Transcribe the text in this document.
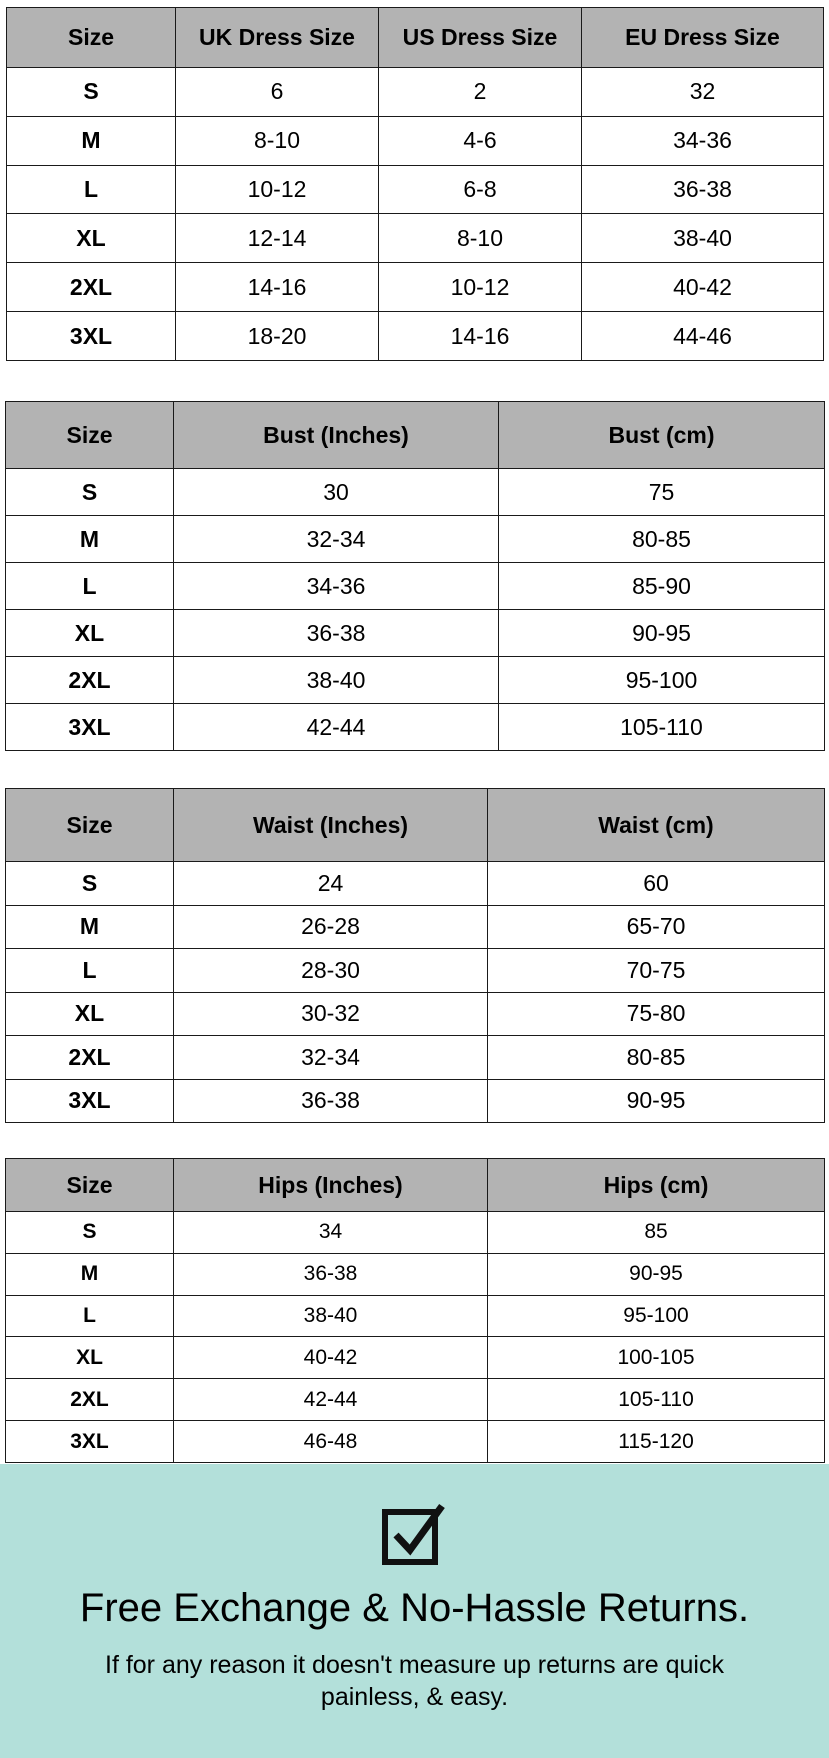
Size	UK Dress Size	US Dress Size	EU Dress Size
S	6	2	32
M	8-10	4-6	34-36
L	10-12	6-8	36-38
XL	12-14	8-10	38-40
2XL	14-16	10-12	40-42
3XL	18-20	14-16	44-46
Size	Bust (Inches)	Bust (cm)
S	30	75
M	32-34	80-85
L	34-36	85-90
XL	36-38	90-95
2XL	38-40	95-100
3XL	42-44	105-110
Size	Waist (Inches)	Waist (cm)
S	24	60
M	26-28	65-70
L	28-30	70-75
XL	30-32	75-80
2XL	32-34	80-85
3XL	36-38	90-95
Size	Hips (Inches)	Hips (cm)
S	34	85
M	36-38	90-95
L	38-40	95-100
XL	40-42	100-105
2XL	42-44	105-110
3XL	46-48	115-120
Free Exchange & No-Hassle Returns.
If for any reason it doesn't measure up returns are quick painless, & easy.
